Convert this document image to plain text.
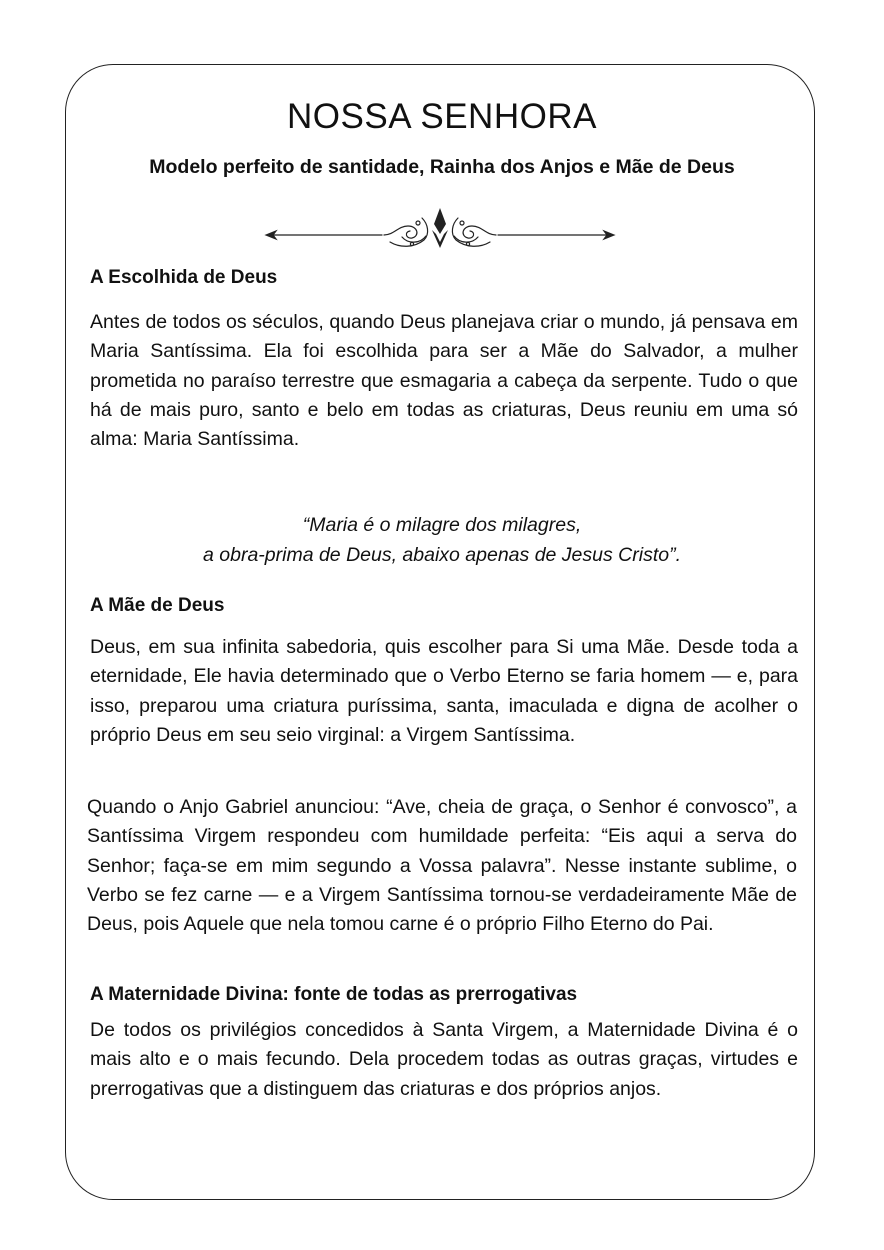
NOSSA SENHORA

Modelo perfeito de santidade, Rainha dos Anjos e Mãe de Deus

A Escolhida de Deus

Antes de todos os séculos, quando Deus planejava criar o mundo, já pensava em Maria Santíssima. Ela foi escolhida para ser a Mãe do Salvador, a mulher prometida no paraíso terrestre que esmagaria a cabeça da serpente. Tudo o que há de mais puro, santo e belo em todas as criaturas, Deus reuniu em uma só alma: Maria Santíssima.

“Maria é o milagre dos milagres,
a obra-prima de Deus, abaixo apenas de Jesus Cristo”.
A Mãe de Deus

Deus, em sua infinita sabedoria, quis escolher para Si uma Mãe. Desde toda a eternidade, Ele havia determinado que o Verbo Eterno se faria homem — e, para isso, preparou uma criatura puríssima, santa, imaculada e digna de acolher o próprio Deus em seu seio virginal: a Virgem Santíssima.

Quando o Anjo Gabriel anunciou: “Ave, cheia de graça, o Senhor é convosco”, a Santíssima Virgem respondeu com humildade perfeita: “Eis aqui a serva do Senhor; faça-se em mim segundo a Vossa palavra”. Nesse instante sublime, o Verbo se fez carne — e a Virgem Santíssima tornou-se verdadeiramente Mãe de Deus, pois Aquele que nela tomou carne é o próprio Filho Eterno do Pai.

A Maternidade Divina: fonte de todas as prerrogativas

De todos os privilégios concedidos à Santa Virgem, a Maternidade Divina é o mais alto e o mais fecundo. Dela procedem todas as outras graças, virtudes e prerrogativas que a distinguem das criaturas e dos próprios anjos.
